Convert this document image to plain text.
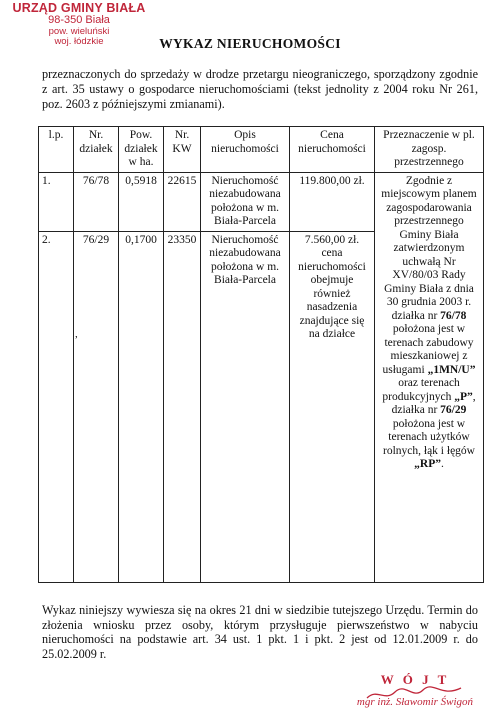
URZĄD GMINY BIAŁA
98-350 Biała
pow. wieluński
woj. łódzkie	WYKAZ NIERUCHOMOŚCI
przeznaczonych do sprzedaży w drodze przetargu nieograniczego, sporządzony zgodnie z art. 35 ustawy o gospodarce nieruchomościami (tekst jednolity z 2004 roku Nr 261, poz. 2603 z późniejszymi zmianami).
l.p.	Nr. działek	Pow. działek w ha.	Nr. KW	Opis nieruchomości	Cena nieruchomości	Przeznaczenie w pl. zagosp. przestrzennego
1.	76/78	0,5918	22615	Nieruchomość niezabudowana położona w m. Biała-Parcela	119.800,00 zł.	Zgodnie z miejscowym planem zagospodarowania przestrzennego Gminy Biała zatwierdzonym uchwałą Nr XV/80/03 Rady Gminy Biała z dnia 30 grudnia 2003 r. działka nr 76/78 położona jest w terenach zabudowy mieszkaniowej z usługami „1MN/U” oraz terenach produkcyjnych „P”, działka nr 76/29 położona jest w terenach użytków rolnych, łąk i łęgów „RP”.
2.	76/29	0,1700	23350	Nieruchomość niezabudowana położona w m. Biała-Parcela	7.560,00 zł. cena nieruchomości obejmuje również nasadzenia znajdujące się na działce	
,
Wykaz niniejszy wywiesza się na okres 21 dni w siedzibie tutejszego Urzędu. Termin do złożenia wniosku przez osoby, którym przysługuje pierwszeństwo w nabyciu nieruchomości na podstawie art. 34 ust. 1 pkt. 1 i pkt. 2 jest od 12.01.2009 r. do 25.02.2009 r.
W Ó J T
mgr inż. Sławomir Świgoń
